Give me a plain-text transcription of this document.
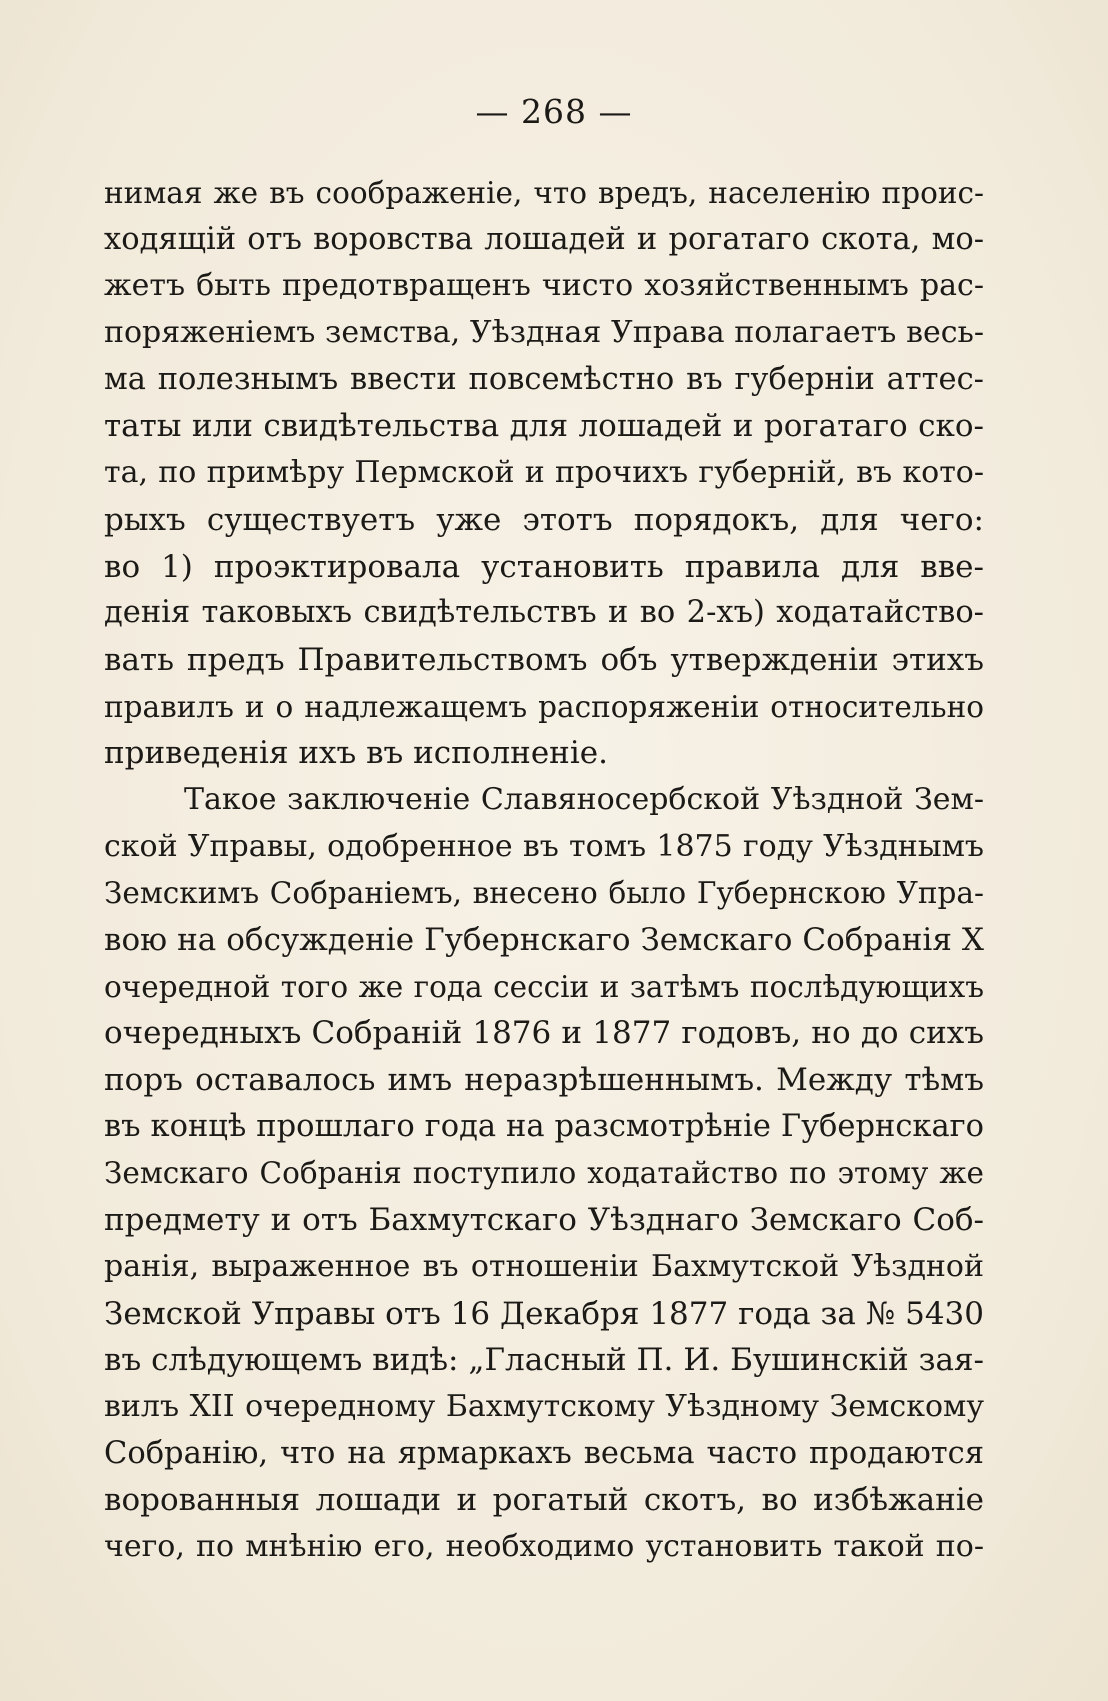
— 268 —
нимая же въ соображеніе, что вредъ, населенію проис-
ходящій отъ воровства лошадей и рогатаго скота, мо-
жетъ быть предотвращенъ чисто хозяйственнымъ рас-
поряженіемъ земства, Уѣздная Управа полагаетъ весь-
ма полезнымъ ввести повсемѣстно въ губерніи аттес-
таты или свидѣтельства для лошадей и рогатаго ско-
та, по примѣру Пермской и прочихъ губерній, въ кото-
рыхъ существуетъ уже этотъ порядокъ, для чего:
во 1) проэктировала установить правила для вве-
денія таковыхъ свидѣтельствъ и во 2-хъ) ходатайство-
вать предъ Правительствомъ объ утвержденіи этихъ
правилъ и о надлежащемъ распоряженіи относительно
приведенія ихъ въ исполненіе.
Такое заключеніе Славяносербской Уѣздной Зем-
ской Управы, одобренное въ томъ 1875 году Уѣзднымъ
Земскимъ Собраніемъ, внесено было Губернскою Упра-
вою на обсужденіе Губернскаго Земскаго Собранія X
очередной того же года сессіи и затѣмъ послѣдующихъ
очередныхъ Собраній 1876 и 1877 годовъ, но до сихъ
поръ оставалось имъ неразрѣшеннымъ. Между тѣмъ
въ концѣ прошлаго года на разсмотрѣніе Губернскаго
Земскаго Собранія поступило ходатайство по этому же
предмету и отъ Бахмутскаго Уѣзднаго Земскаго Соб-
ранія, выраженное въ отношеніи Бахмутской Уѣздной
Земской Управы отъ 16 Декабря 1877 года за № 5430
въ слѣдующемъ видѣ: „Гласный П. И. Бушинскій зая-
вилъ XII очередному Бахмутскому Уѣздному Земскому
Собранію, что на ярмаркахъ весьма часто продаются
ворованныя лошади и рогатый скотъ, во избѣжаніе
чего, по мнѣнію его, необходимо установить такой по-
